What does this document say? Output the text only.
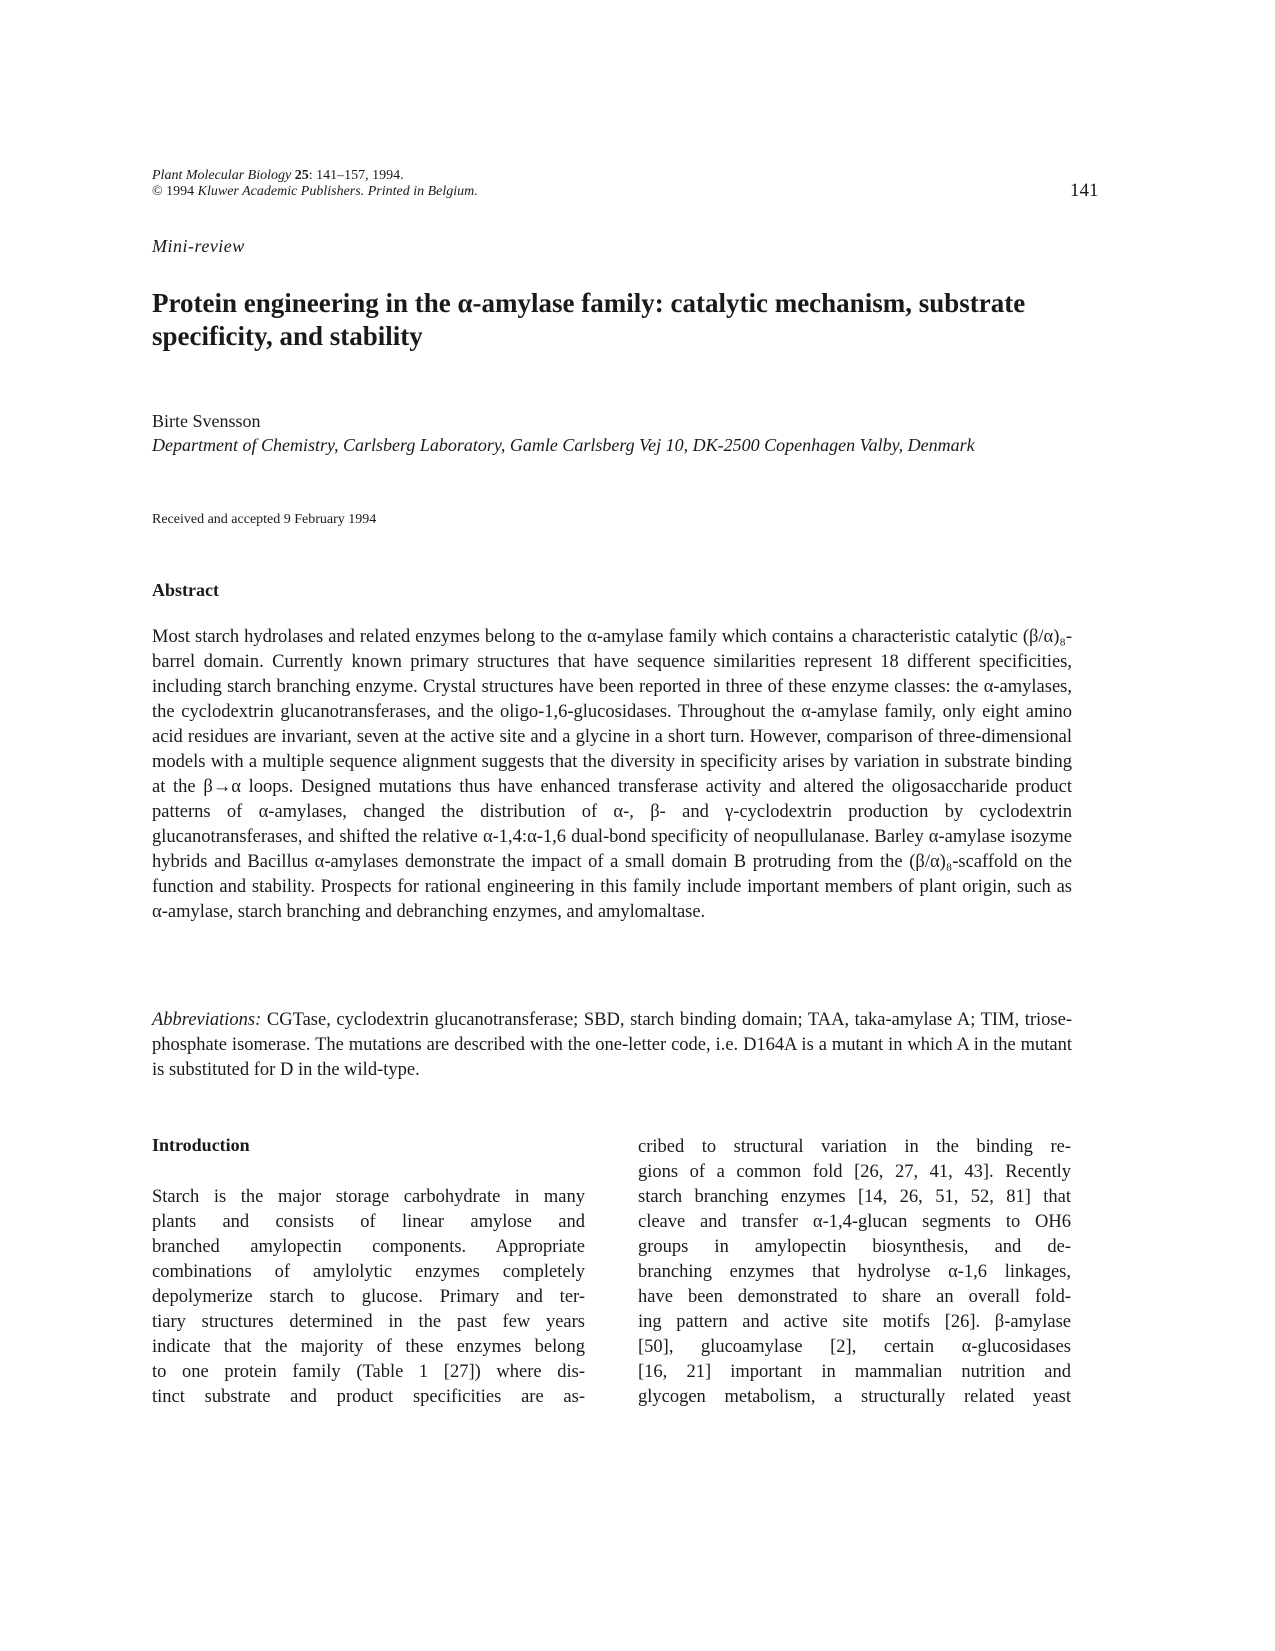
Plant Molecular Biology 25: 141–157, 1994.
© 1994 Kluwer Academic Publishers. Printed in Belgium.	141
Mini-review
Protein engineering in the α-amylase family: catalytic mechanism, substrate specificity, and stability
Birte Svensson
Department of Chemistry, Carlsberg Laboratory, Gamle Carlsberg Vej 10, DK-2500 Copenhagen Valby, Denmark
Received and accepted 9 February 1994
Abstract
Most starch hydrolases and related enzymes belong to the α-amylase family which contains a characteristic catalytic (β/α)₈-barrel domain. Currently known primary structures that have sequence similarities represent 18 different specificities, including starch branching enzyme. Crystal structures have been reported in three of these enzyme classes: the α-amylases, the cyclodextrin glucanotransferases, and the oligo-1,6-glucosidases. Throughout the α-amylase family, only eight amino acid residues are invariant, seven at the active site and a glycine in a short turn. However, comparison of three-dimensional models with a multiple sequence alignment suggests that the diversity in specificity arises by variation in substrate binding at the β→α loops. Designed mutations thus have enhanced transferase activity and altered the oligosaccharide product patterns of α-amylases, changed the distribution of α-, β- and γ-cyclodextrin production by cyclodextrin glucanotransferases, and shifted the relative α-1,4:α-1,6 dual-bond specificity of neopullulanase. Barley α-amylase isozyme hybrids and Bacillus α-amylases demonstrate the impact of a small domain B protruding from the (β/α)₈-scaffold on the function and stability. Prospects for rational engineering in this family include important members of plant origin, such as α-amylase, starch branching and debranching enzymes, and amylomaltase.
Abbreviations: CGTase, cyclodextrin glucanotransferase; SBD, starch binding domain; TAA, taka-amylase A; TIM, triose-phosphate isomerase. The mutations are described with the one-letter code, i.e. D164A is a mutant in which A in the mutant is substituted for D in the wild-type.
Introduction
Starch is the major storage carbohydrate in many
plants and consists of linear amylose and
branched amylopectin components. Appropriate
combinations of amylolytic enzymes completely
depolymerize starch to glucose. Primary and ter-
tiary structures determined in the past few years
indicate that the majority of these enzymes belong
to one protein family (Table 1 [27]) where dis-
tinct substrate and product specificities are as-
cribed to structural variation in the binding re-
gions of a common fold [26, 27, 41, 43]. Recently
starch branching enzymes [14, 26, 51, 52, 81] that
cleave and transfer α-1,4-glucan segments to OH6
groups in amylopectin biosynthesis, and de-
branching enzymes that hydrolyse α-1,6 linkages,
have been demonstrated to share an overall fold-
ing pattern and active site motifs [26]. β-amylase
[50], glucoamylase [2], certain α-glucosidases
[16, 21] important in mammalian nutrition and
glycogen metabolism, a structurally related yeast
